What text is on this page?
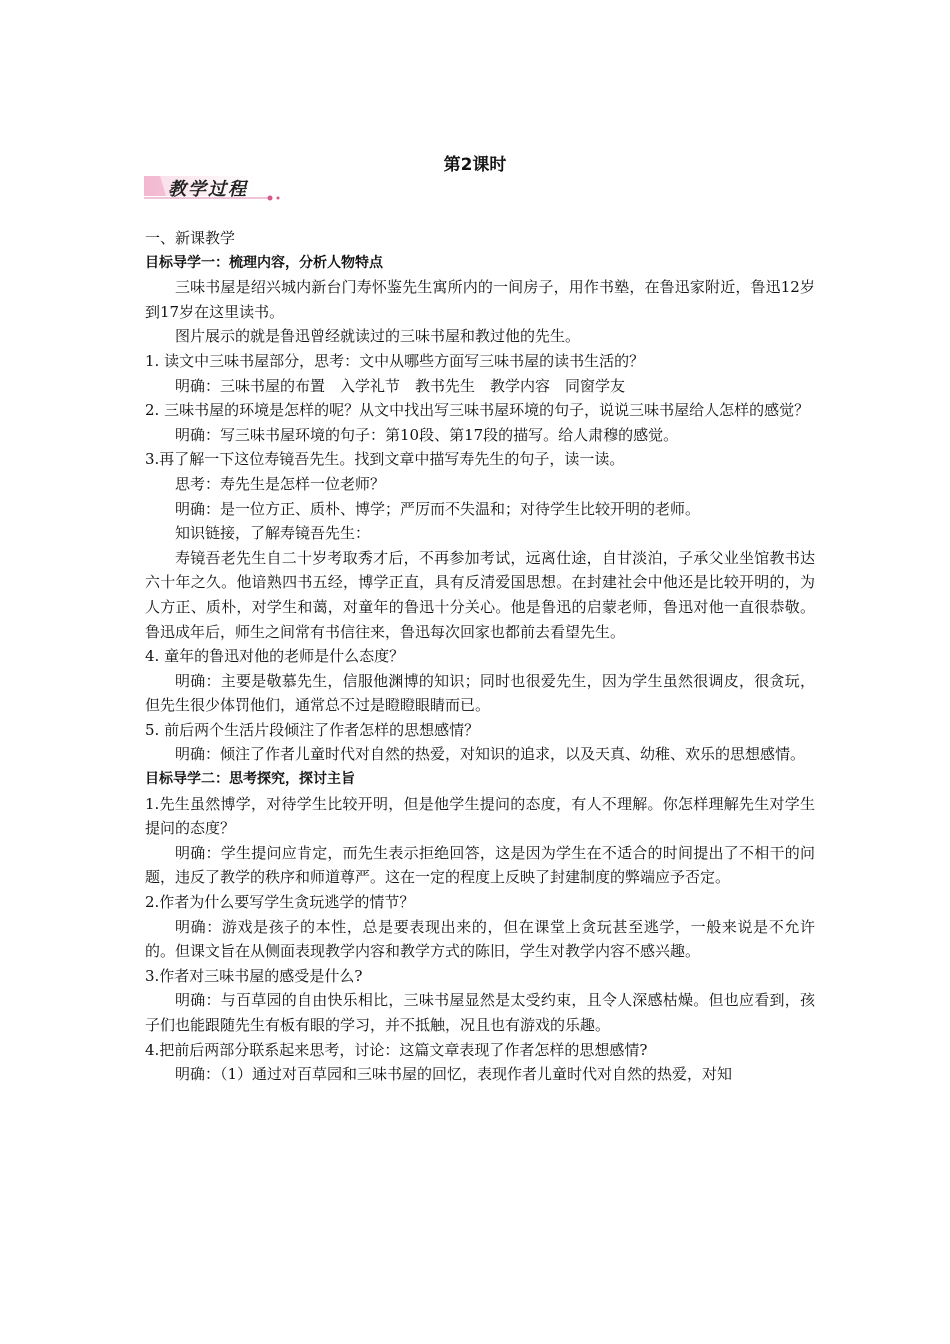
第2课时
教学过程

一、新课教学

目标导学一：梳理内容，分析人物特点

三味书屋是绍兴城内新台门寿怀鉴先生寓所内的一间房子，用作书塾，在鲁迅家附近，鲁迅12岁到17岁在这里读书。

图片展示的就是鲁迅曾经就读过的三味书屋和教过他的先生。

1. 读文中三味书屋部分，思考：文中从哪些方面写三味书屋的读书生活的？

明确：三味书屋的布置　入学礼节　教书先生　教学内容　同窗学友

2. 三味书屋的环境是怎样的呢？从文中找出写三味书屋环境的句子，说说三味书屋给人怎样的感觉？

明确：写三味书屋环境的句子：第10段、第17段的描写。给人肃穆的感觉。

3.再了解一下这位寿镜吾先生。找到文章中描写寿先生的句子，读一读。

思考：寿先生是怎样一位老师？

明确：是一位方正、质朴、博学；严厉而不失温和；对待学生比较开明的老师。

知识链接，了解寿镜吾先生：

寿镜吾老先生自二十岁考取秀才后，不再参加考试，远离仕途，自甘淡泊，子承父业坐馆教书达六十年之久。他谙熟四书五经，博学正直，具有反清爱国思想。在封建社会中他还是比较开明的，为人方正、质朴，对学生和蔼，对童年的鲁迅十分关心。他是鲁迅的启蒙老师，鲁迅对他一直很恭敬。鲁迅成年后，师生之间常有书信往来，鲁迅每次回家也都前去看望先生。

4. 童年的鲁迅对他的老师是什么态度？

明确：主要是敬慕先生，信服他渊博的知识；同时也很爱先生，因为学生虽然很调皮，很贪玩，但先生很少体罚他们，通常总不过是瞪瞪眼睛而已。

5. 前后两个生活片段倾注了作者怎样的思想感情？

明确：倾注了作者儿童时代对自然的热爱，对知识的追求，以及天真、幼稚、欢乐的思想感情。

目标导学二：思考探究，探讨主旨

1.先生虽然博学，对待学生比较开明，但是他学生提问的态度，有人不理解。你怎样理解先生对学生提问的态度？

明确：学生提问应肯定，而先生表示拒绝回答，这是因为学生在不适合的时间提出了不相干的问题，违反了教学的秩序和师道尊严。这在一定的程度上反映了封建制度的弊端应予否定。

2.作者为什么要写学生贪玩逃学的情节？

明确：游戏是孩子的本性，总是要表现出来的，但在课堂上贪玩甚至逃学，一般来说是不允许的。但课文旨在从侧面表现教学内容和教学方式的陈旧，学生对教学内容不感兴趣。

3.作者对三味书屋的感受是什么?

明确：与百草园的自由快乐相比，三味书屋显然是太受约束，且令人深感枯燥。但也应看到，孩子们也能跟随先生有板有眼的学习，并不抵触，况且也有游戏的乐趣。

4.把前后两部分联系起来思考，讨论：这篇文章表现了作者怎样的思想感情?

明确：（1）通过对百草园和三味书屋的回忆，表现作者儿童时代对自然的热爱，对知
